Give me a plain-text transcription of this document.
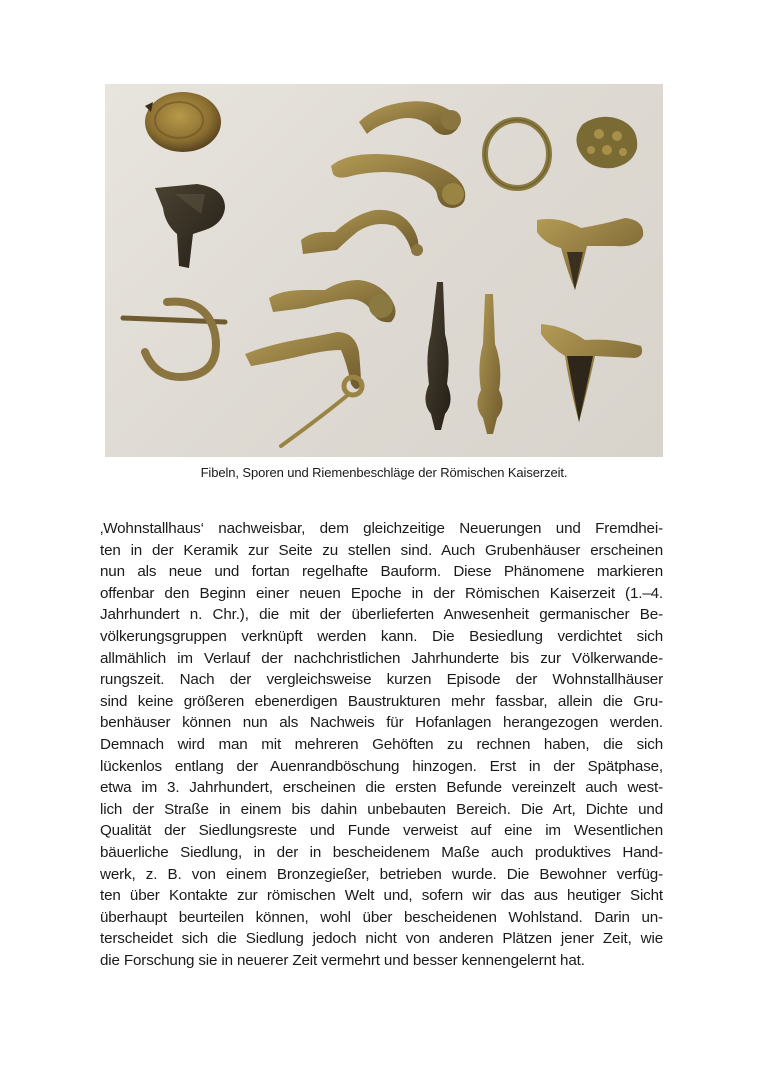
Fibeln, Sporen und Riemenbeschläge der Römischen Kaiserzeit.
‚Wohnstallhaus‘ nachweisbar, dem gleichzeitige Neuerungen und Fremdhei-
ten in der Keramik zur Seite zu stellen sind. Auch Grubenhäuser erscheinen
nun als neue und fortan regelhafte Bauform. Diese Phänomene markieren
offenbar den Beginn einer neuen Epoche in der Römischen Kaiserzeit (1.–4.
Jahrhundert n. Chr.), die mit der überlieferten Anwesenheit germanischer Be-
völkerungsgruppen verknüpft werden kann. Die Besiedlung verdichtet sich
allmählich im Verlauf der nachchristlichen Jahrhunderte bis zur Völkerwande-
rungszeit. Nach der vergleichsweise kurzen Episode der Wohnstallhäuser
sind keine größeren ebenerdigen Baustrukturen mehr fassbar, allein die Gru-
benhäuser können nun als Nachweis für Hofanlagen herangezogen werden.
Demnach wird man mit mehreren Gehöften zu rechnen haben, die sich
lückenlos entlang der Auenrandböschung hinzogen. Erst in der Spätphase,
etwa im 3. Jahrhundert, erscheinen die ersten Befunde vereinzelt auch west-
lich der Straße in einem bis dahin unbebauten Bereich. Die Art, Dichte und
Qualität der Siedlungsreste und Funde verweist auf eine im Wesentlichen
bäuerliche Siedlung, in der in bescheidenem Maße auch produktives Hand-
werk, z. B. von einem Bronzegießer, betrieben wurde. Die Bewohner verfüg-
ten über Kontakte zur römischen Welt und, sofern wir das aus heutiger Sicht
überhaupt beurteilen können, wohl über bescheidenen Wohlstand. Darin un-
terscheidet sich die Siedlung jedoch nicht von anderen Plätzen jener Zeit, wie
die Forschung sie in neuerer Zeit vermehrt und besser kennengelernt hat.
